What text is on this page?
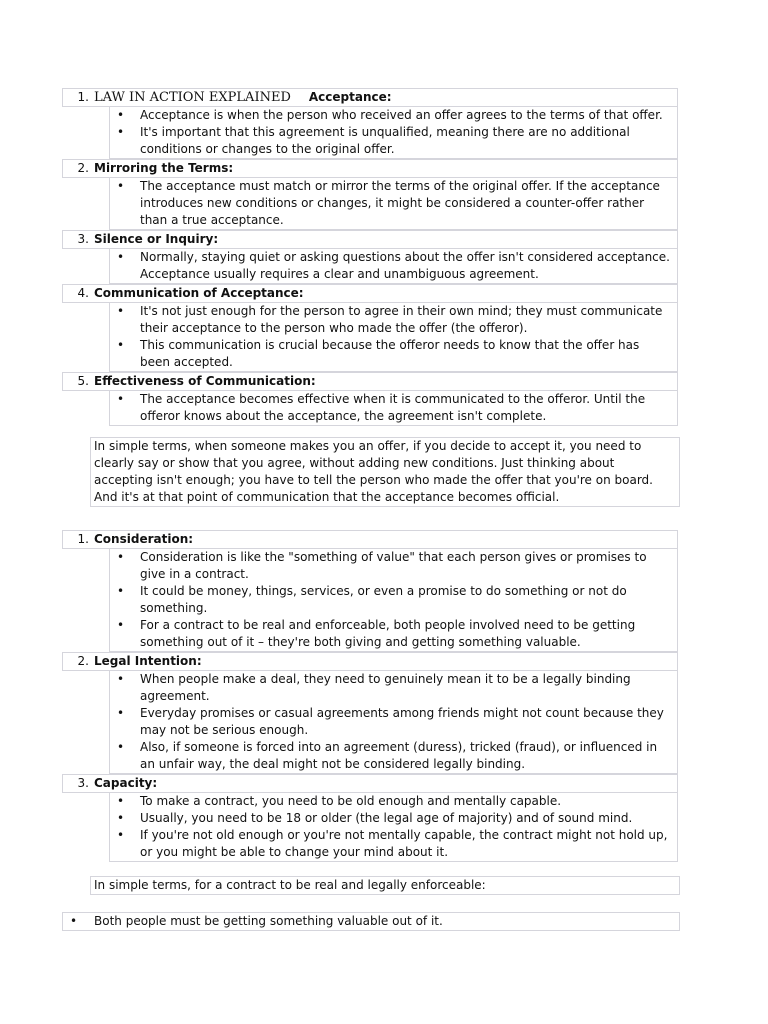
1. LAW IN ACTION EXPLAINED Acceptance:
• Acceptance is when the person who received an offer agrees to the terms of that offer.
• It's important that this agreement is unqualified, meaning there are no additional conditions or changes to the original offer.
2. Mirroring the Terms:
• The acceptance must match or mirror the terms of the original offer. If the acceptance introduces new conditions or changes, it might be considered a counter-offer rather than a true acceptance.
3. Silence or Inquiry:
• Normally, staying quiet or asking questions about the offer isn't considered acceptance. Acceptance usually requires a clear and unambiguous agreement.
4. Communication of Acceptance:
• It's not just enough for the person to agree in their own mind; they must communicate their acceptance to the person who made the offer (the offeror).
• This communication is crucial because the offeror needs to know that the offer has been accepted.
5. Effectiveness of Communication:
• The acceptance becomes effective when it is communicated to the offeror. Until the offeror knows about the acceptance, the agreement isn't complete.
In simple terms, when someone makes you an offer, if you decide to accept it, you need to clearly say or show that you agree, without adding new conditions. Just thinking about accepting isn't enough; you have to tell the person who made the offer that you're on board. And it's at that point of communication that the acceptance becomes official.
1. Consideration:
• Consideration is like the "something of value" that each person gives or promises to give in a contract.
• It could be money, things, services, or even a promise to do something or not do something.
• For a contract to be real and enforceable, both people involved need to be getting something out of it – they're both giving and getting something valuable.
2. Legal Intention:
• When people make a deal, they need to genuinely mean it to be a legally binding agreement.
• Everyday promises or casual agreements among friends might not count because they may not be serious enough.
• Also, if someone is forced into an agreement (duress), tricked (fraud), or influenced in an unfair way, the deal might not be considered legally binding.
3. Capacity:
• To make a contract, you need to be old enough and mentally capable.
• Usually, you need to be 18 or older (the legal age of majority) and of sound mind.
• If you're not old enough or you're not mentally capable, the contract might not hold up, or you might be able to change your mind about it.
In simple terms, for a contract to be real and legally enforceable:
• Both people must be getting something valuable out of it.
